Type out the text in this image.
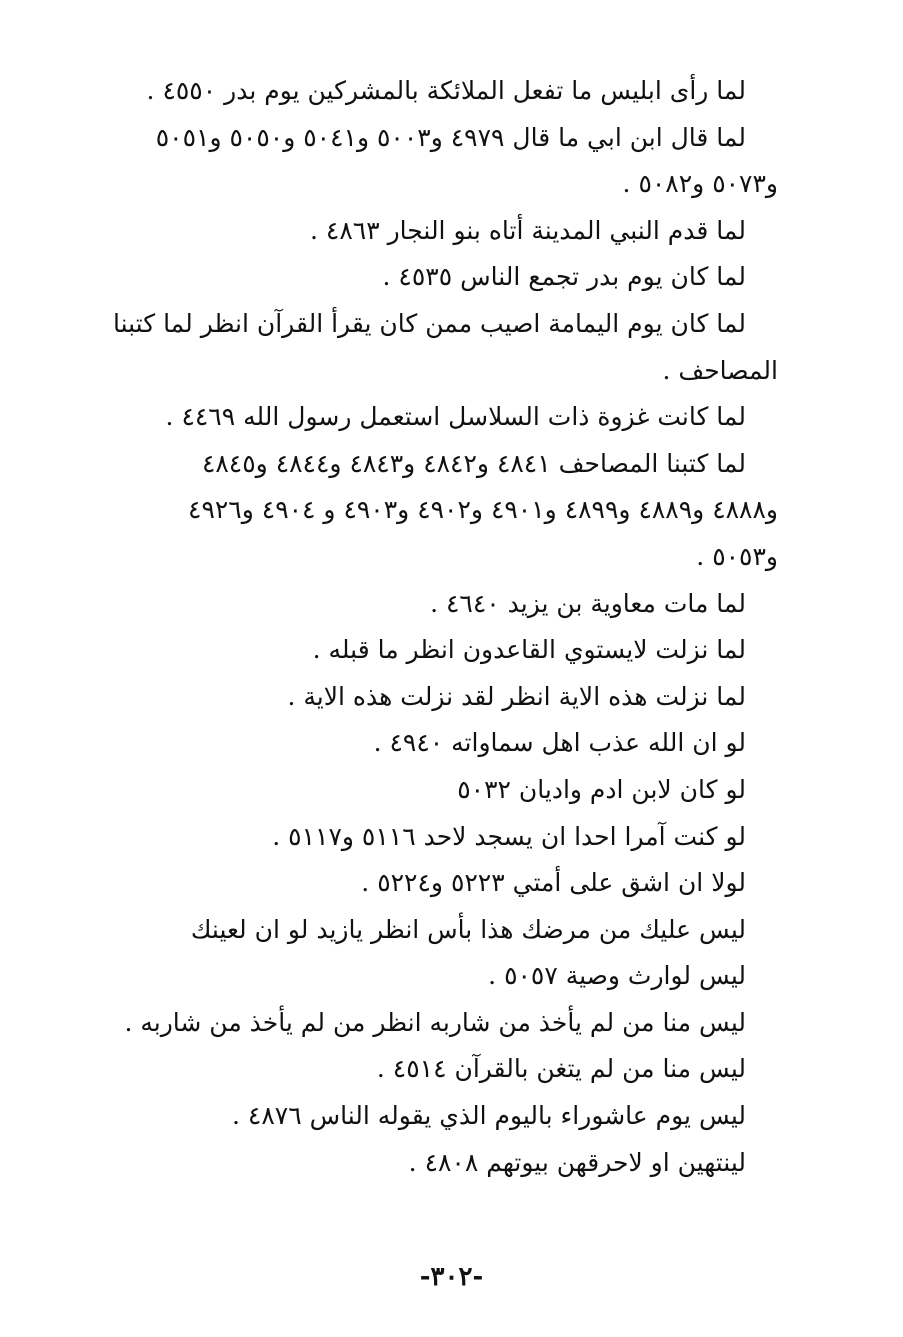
لما رأى ابليس ما تفعل الملائكة بالمشركين يوم بدر ٤٥٥٠ .

لما قال ابن ابي ما قال ٤٩٧٩ و٥٠٠٣ و٥٠٤١ و٥٠٥٠ و٥٠٥١
و٥٠٧٣ و٥٠٨٢ .

لما قدم النبي المدينة أتاه بنو النجار ٤٨٦٣ .

لما كان يوم بدر تجمع الناس ٤٥٣٥ .

لما كان يوم اليمامة اصيب ممن كان يقرأ القرآن انظر لما كتبنا
المصاحف .

لما كانت غزوة ذات السلاسل استعمل رسول الله ٤٤٦٩ .

لما كتبنا المصاحف ٤٨٤١ و٤٨٤٢ و٤٨٤٣ و٤٨٤٤ و٤٨٤٥
و٤٨٨٨ و٤٨٨٩ و٤٨٩٩ و٤٩٠١ و٤٩٠٢ و٤٩٠٣ و ٤٩٠٤ و٤٩٢٦
و٥٠٥٣ .

لما مات معاوية بن يزيد ٤٦٤٠ .

لما نزلت لايستوي القاعدون انظر ما قبله .

لما نزلت هذه الاية انظر لقد نزلت هذه الاية .

لو ان الله عذب اهل سماواته ٤٩٤٠ .

لو كان لابن ادم واديان ٥٠٣٢

لو كنت آمرا احدا ان يسجد لاحد ٥١١٦ و٥١١٧ .

لولا ان اشق على أمتي ٥٢٢٣ و٥٢٢٤ .

ليس عليك من مرضك هذا بأس انظر يازيد لو ان لعينك

ليس لوارث وصية ٥٠٥٧ .

ليس منا من لم يأخذ من شاربه انظر من لم يأخذ من شاربه .

ليس منا من لم يتغن بالقرآن ٤٥١٤ .

ليس يوم عاشوراء باليوم الذي يقوله الناس ٤٨٧٦ .

لينتهين او لاحرقهن بيوتهم ٤٨٠٨ .

-٣٠٢-
